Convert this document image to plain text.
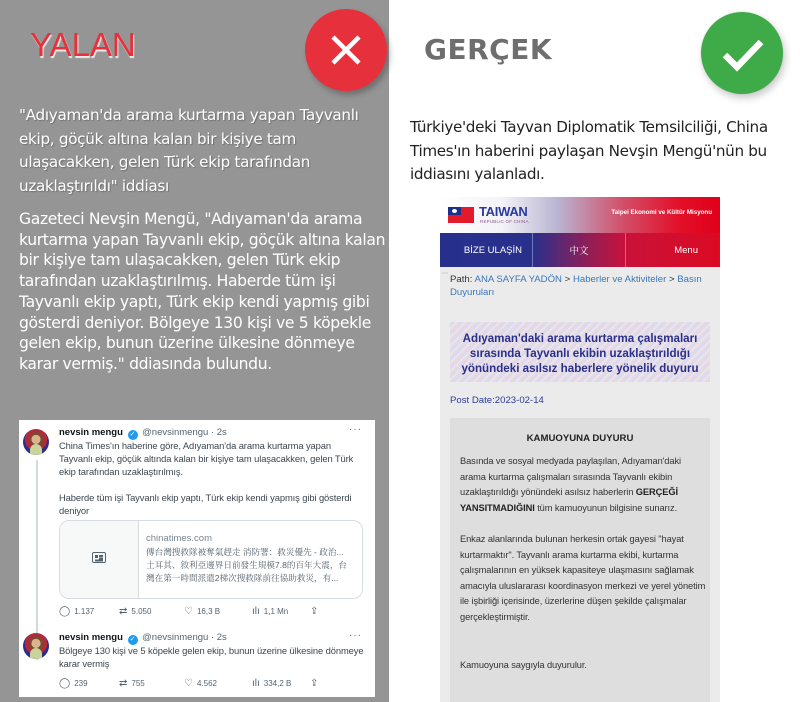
YALAN
"Adıyaman'da arama kurtarma yapan Tayvanlı ekip, göçük altına kalan bir kişiye tam ulaşacakken, gelen Türk ekip tarafından uzaklaştırıldı" iddiası
Gazeteci Nevşin Mengü, "Adıyaman'da arama kurtarma yapan Tayvanlı ekip, göçük altına kalan bir kişiye tam ulaşacakken, gelen Türk ekip tarafından uzaklaştırılmış. Haberde tüm işi Tayvanlı ekip yaptı, Türk ekip kendi yapmış gibi gösterdi deniyor. Bölgeye 130 kişi ve 5 köpekle gelen ekip, bunun üzerine ülkesine dönmeye karar vermiş." ddiasında bulundu.
nevsin mengu ✓ @nevsinmengu · 2s	···
China Times'ın haberine göre, Adıyaman'da arama kurtarma yapan
Tayvanlı ekip, göçük altında kalan bir kişiye tam ulaşacakken, gelen Türk
ekip tarafından uzaklaştırılmış.
Haberde tüm işi Tayvanlı ekip yaptı, Türk ekip kendi yapmış gibi gösterdi
deniyor
chinatimes.com
傳台灣搜救隊被奪氣趕走 消防署：救災優先 - 政治...
土耳其、敘利亞邊界日前發生規模7.8的百年大震，台
灣在第一時間派遣2梯次搜救隊前往協助救災，有...
◯ 1.137 ⇄ 5.050	♡ 16,3 B	ılı 1,1 Mn ⇪
nevsin mengu ✓ @nevsinmengu · 2s	···
Bölgeye 130 kişi ve 5 köpekle gelen ekip, bunun üzerine ülkesine dönmeye
karar vermiş
◯ 239	⇄ 755	♡ 4.562	ılı 334,2 B ⇪
GERÇEK
Türkiye'deki Tayvan Diplomatik Temsilciliği, China Times'ın haberini paylaşan Nevşin Mengü'nün bu iddiasını yalanladı.
TAIWAN
REPUBLIC OF CHINA
Taipei Ekonomi ve Kültür Misyonu
BİZE ULAŞİN	中文	Menu
⋯ Path: ANA SAYFA YADÖN > Haberler ve Aktiviteler > Basın Duyuruları
Adıyaman'daki arama kurtarma çalışmaları sırasında Tayvanlı ekibin uzaklaştırıldığı yönündeki asılsız haberlere yönelik duyuru
Post Date:2023-02-14
KAMUOYUNA DUYURU
Basında ve sosyal medyada paylaşılan, Adıyaman'daki arama kurtarma çalışmaları sırasında Tayvanlı ekibin uzaklaştırıldığı yönündeki asılsız haberlerin GERÇEĞİ YANSITMADIĞINI tüm kamuoyunun bilgisine sunarız.
Enkaz alanlarında bulunan herkesin ortak gayesi "hayat kurtarmaktır". Tayvanlı arama kurtarma ekibi, kurtarma çalışmalarının en yüksek kapasiteye ulaşmasını sağlamak amacıyla uluslararası koordinasyon merkezi ve yerel yönetim ile işbirliği içerisinde, üzerlerine düşen şekilde çalışmalar gerçekleştirmiştir.
Kamuoyuna saygıyla duyurulur.
